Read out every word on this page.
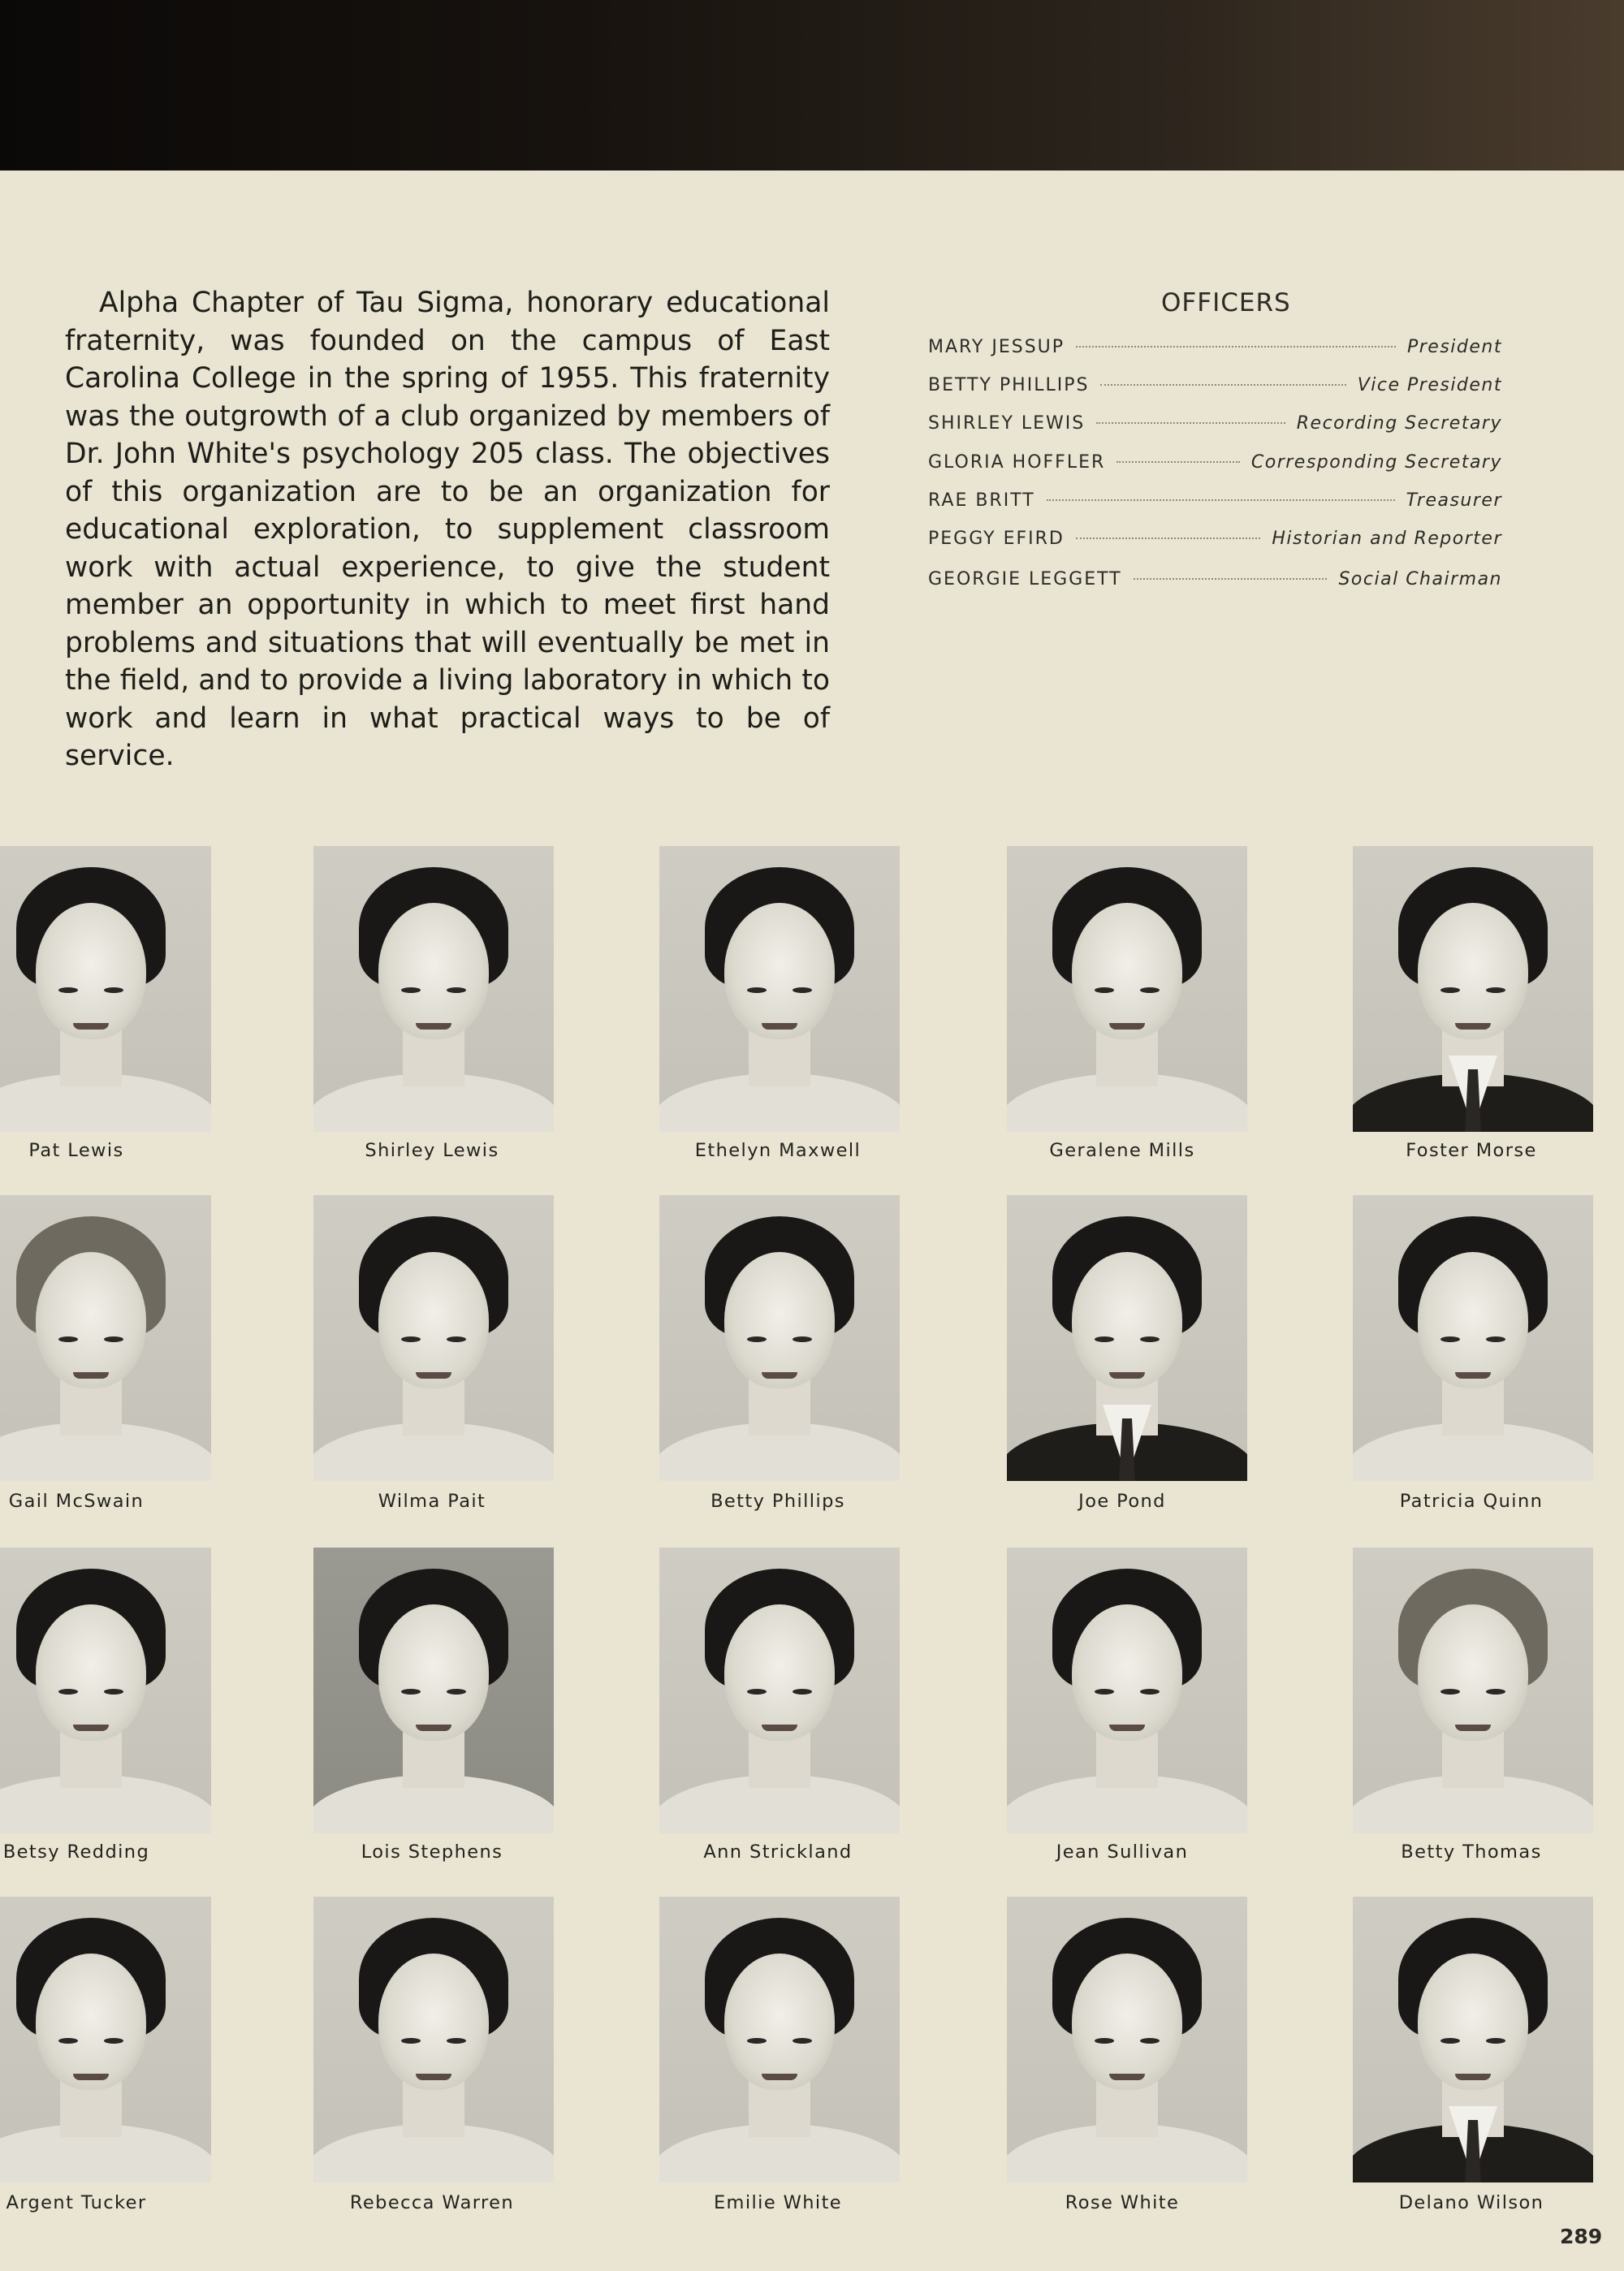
Alpha Chapter of Tau Sigma, honorary educational fraternity, was founded on the campus of East Carolina College in the spring of 1955. This fraternity was the outgrowth of a club organized by members of Dr. John White's psychology 205 class. The objectives of this organization are to be an organization for educational exploration, to supplement classroom work with actual experience, to give the student member an opportunity in which to meet first hand problems and situations that will eventually be met in the field, and to provide a living laboratory in which to work and learn in what practical ways to be of service.

OFFICERS
MARY JESSUP	President
BETTY PHILLIPS	Vice President
SHIRLEY LEWIS	Recording Secretary
GLORIA HOFFLER	Corresponding Secretary
RAE BRITT	Treasurer
PEGGY EFIRD	Historian and Reporter
GEORGIE LEGGETT	Social Chairman
Pat Lewis	Shirley Lewis	Ethelyn Maxwell	Geralene Mills	Foster Morse
Gail McSwain	Wilma Pait	Betty Phillips	Joe Pond	Patricia Quinn
Betsy Redding	Lois Stephens	Ann Strickland	Jean Sullivan	Betty Thomas
Argent Tucker	Rebecca Warren	Emilie White	Rose White	Delano Wilson
289
